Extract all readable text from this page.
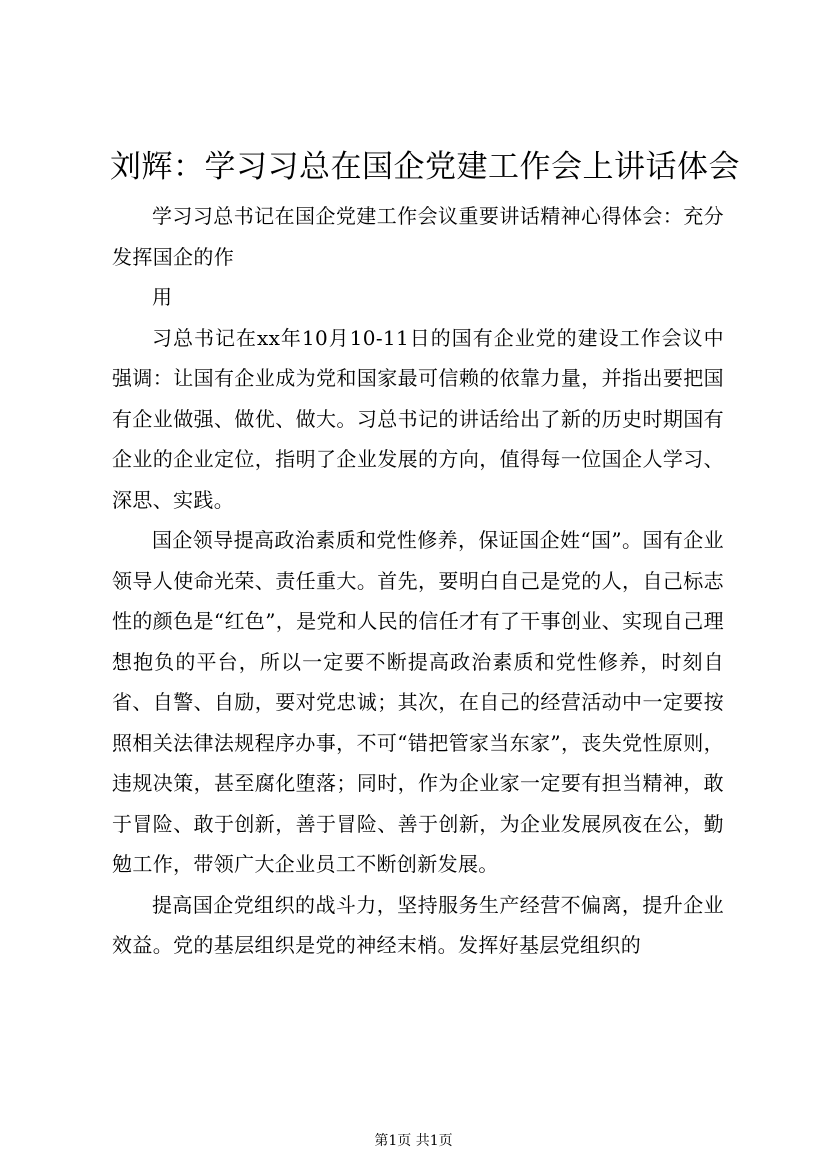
刘辉：学习习总在国企党建工作会上讲话体会

学习习总书记在国企党建工作会议重要讲话精神心得体会：充分发挥国企的作

用

习总书记在xx年10月10-11日的国有企业党的建设工作会议中强调：让国有企业成为党和国家最可信赖的依靠力量，并指出要把国有企业做强、做优、做大。习总书记的讲话给出了新的历史时期国有企业的企业定位，指明了企业发展的方向，值得每一位国企人学习、深思、实践。

国企领导提高政治素质和党性修养，保证国企姓“国”。国有企业领导人使命光荣、责任重大。首先，要明白自己是党的人，自己标志性的颜色是“红色”，是党和人民的信任才有了干事创业、实现自己理想抱负的平台，所以一定要不断提高政治素质和党性修养，时刻自省、自警、自励，要对党忠诚；其次，在自己的经营活动中一定要按照相关法律法规程序办事，不可“错把管家当东家”，丧失党性原则，违规决策，甚至腐化堕落；同时，作为企业家一定要有担当精神，敢于冒险、敢于创新，善于冒险、善于创新，为企业发展夙夜在公，勤勉工作，带领广大企业员工不断创新发展。

提高国企党组织的战斗力，坚持服务生产经营不偏离，提升企业效益。党的基层组织是党的神经末梢。发挥好基层党组织的

第1页 共1页
